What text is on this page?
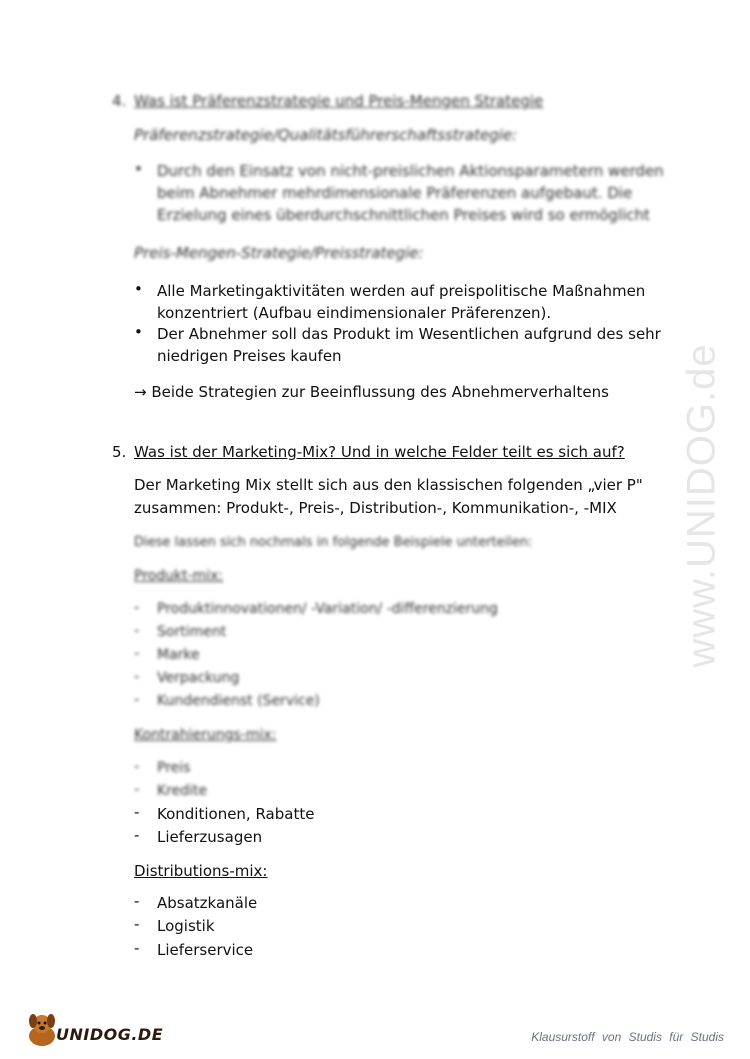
www.UNIDOG.de
4. Was ist Präferenzstrategie und Preis-Mengen Strategie
Präferenzstrategie/Qualitätsführerschaftsstrategie:
• Durch den Einsatz von nicht-preislichen Aktionsparametern werden
beim Abnehmer mehrdimensionale Präferenzen aufgebaut. Die
Erzielung eines überdurchschnittlichen Preises wird so ermöglicht
Preis-Mengen-Strategie/Preisstrategie:
• Alle Marketingaktivitäten werden auf preispolitische Maßnahmen
konzentriert (Aufbau eindimensionaler Präferenzen).
• Der Abnehmer soll das Produkt im Wesentlichen aufgrund des sehr
niedrigen Preises kaufen
→ Beide Strategien zur Beeinflussung des Abnehmerverhaltens
5. Was ist der Marketing-Mix? Und in welche Felder teilt es sich auf?
Der Marketing Mix stellt sich aus den klassischen folgenden „vier P"
zusammen: Produkt-, Preis-, Distribution-, Kommunikation-, -MIX
Diese lassen sich nochmals in folgende Beispiele unterteilen:
Produkt-mix:
- Produktinnovationen/ -Variation/ -differenzierung
- Sortiment
- Marke
- Verpackung
- Kundendienst (Service)
Kontrahierungs-mix:
- Preis
- Kredite
- Konditionen, Rabatte
- Lieferzusagen
Distributions-mix:
- Absatzkanäle
- Logistik
- Lieferservice
UNIDOG.DE	Klausurstoff von Studis für Studis
